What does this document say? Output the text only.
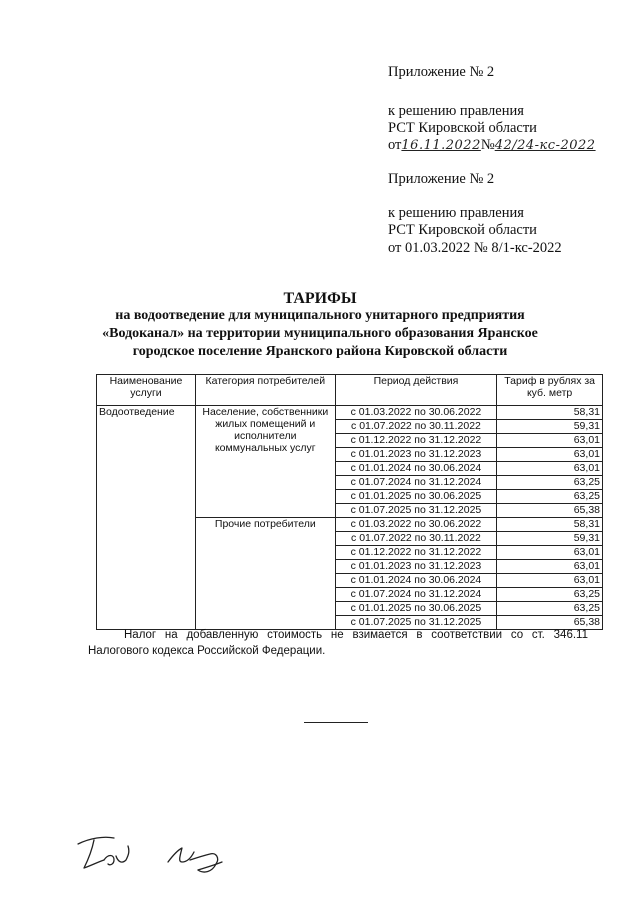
Приложение № 2
к решению правления
РСТ Кировской области
от16.11.2022№42/24-кс-2022
Приложение № 2
к решению правления
РСТ Кировской области
от 01.03.2022 № 8/1-кс-2022
ТАРИФЫ
на водоотведение для муниципального унитарного предприятия
«Водоканал» на территории муниципального образования Яранское
городское поселение Яранского района Кировской области
Наименование услуги	Категория потребителей	Период действия	Тариф в рублях за куб. метр
Водоотведение	Население, собственники жилых помещений и исполнители коммунальных услуг	с 01.03.2022 по 30.06.2022	58,31
		с 01.07.2022 по 30.11.2022	59,31
		с 01.12.2022 по 31.12.2022	63,01
		с 01.01.2023 по 31.12.2023	63,01
		с 01.01.2024 по 30.06.2024	63,01
		с 01.07.2024 по 31.12.2024	63,25
		с 01.01.2025 по 30.06.2025	63,25
		с 01.07.2025 по 31.12.2025	65,38
	Прочие потребители	с 01.03.2022 по 30.06.2022	58,31
		с 01.07.2022 по 30.11.2022	59,31
		с 01.12.2022 по 31.12.2022	63,01
		с 01.01.2023 по 31.12.2023	63,01
		с 01.01.2024 по 30.06.2024	63,01
		с 01.07.2024 по 31.12.2024	63,25
		с 01.01.2025 по 30.06.2025	63,25
		с 01.07.2025 по 31.12.2025	65,38
Налог на добавленную стоимость не взимается в соответствии со ст. 346.11
Налогового кодекса Российской Федерации.
